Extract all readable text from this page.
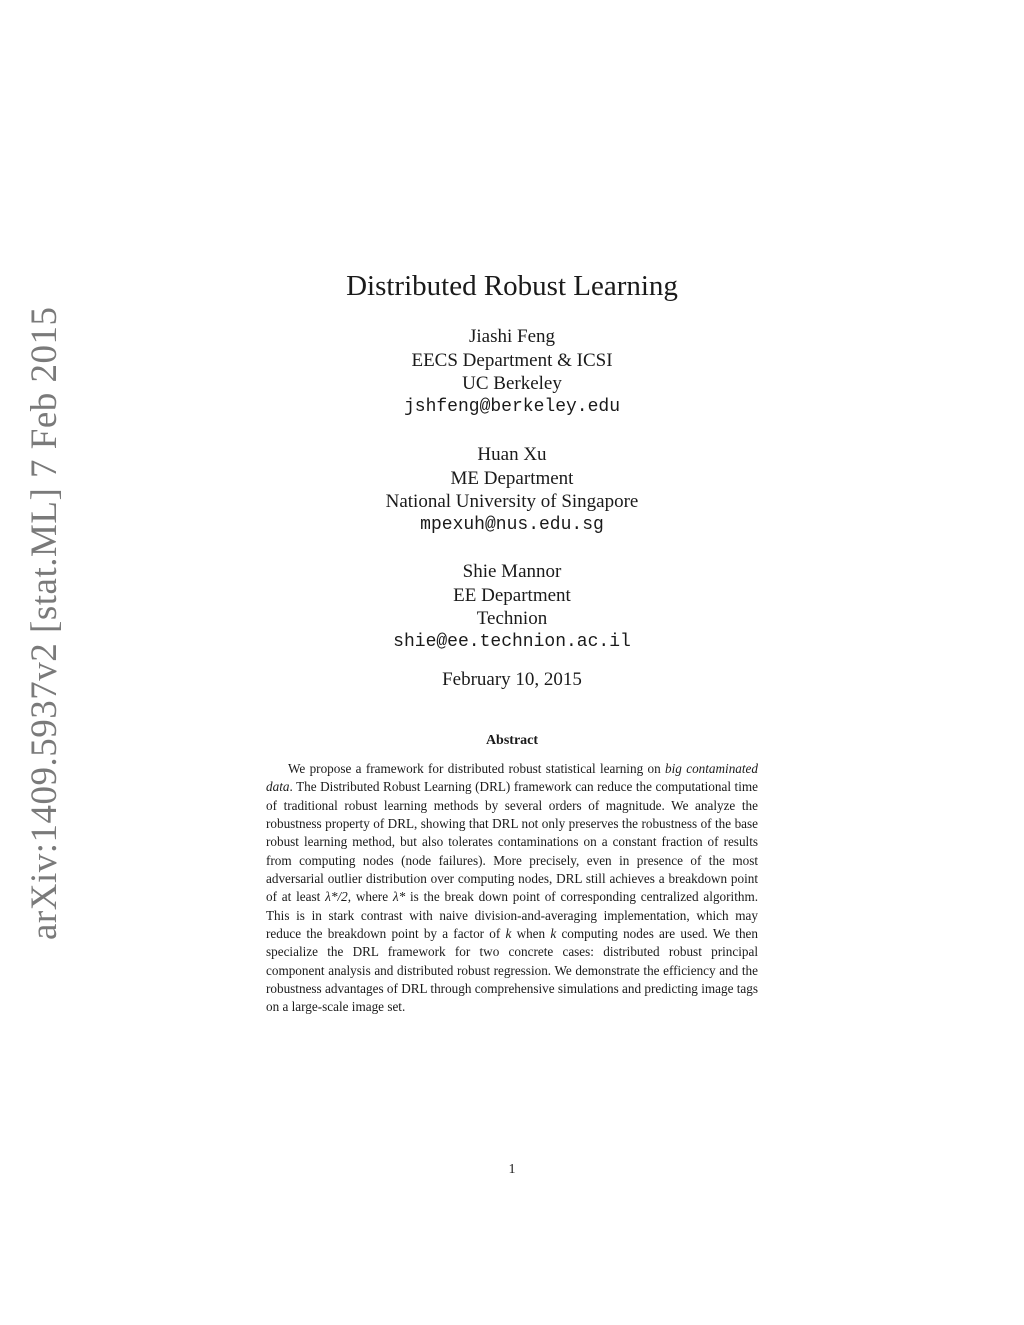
arXiv:1409.5937v2 [stat.ML] 7 Feb 2015
Distributed Robust Learning
Jiashi Feng
EECS Department & ICSI
UC Berkeley
jshfeng@berkeley.edu
Huan Xu
ME Department
National University of Singapore
mpexuh@nus.edu.sg
Shie Mannor
EE Department
Technion
shie@ee.technion.ac.il
February 10, 2015
Abstract

We propose a framework for distributed robust statistical learning on big contaminated data. The Distributed Robust Learning (DRL) framework can reduce the computational time of traditional robust learning methods by several orders of magnitude. We analyze the robustness property of DRL, showing that DRL not only preserves the robustness of the base robust learning method, but also tolerates contaminations on a constant fraction of results from computing nodes (node failures). More precisely, even in presence of the most adversarial outlier distribution over computing nodes, DRL still achieves a breakdown point of at least λ*/2, where λ* is the break down point of corresponding centralized algorithm. This is in stark contrast with naive division-and-averaging implementation, which may reduce the breakdown point by a factor of k when k computing nodes are used. We then specialize the DRL framework for two concrete cases: distributed robust principal component analysis and distributed robust regression. We demonstrate the efficiency and the robustness advantages of DRL through comprehensive simulations and predicting image tags on a large-scale image set.

1
